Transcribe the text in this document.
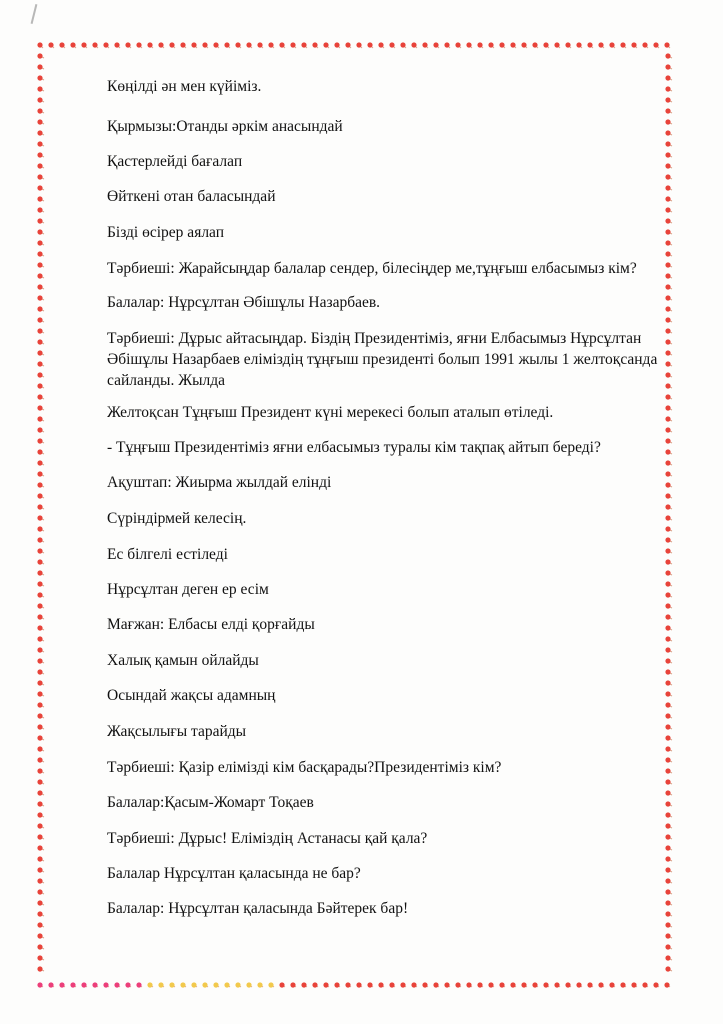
Көңілді ән мен күйіміз.

Қырмызы:Отанды әркім анасындай

Қастерлейді бағалап

Өйткені отан баласындай

Бізді өсірер аялап

Тәрбиеші: Жарайсыңдар балалар сендер, білесіңдер ме,тұңғыш елбасымыз кім?

Балалар: Нұрсұлтан Әбішұлы Назарбаев.

Тәрбиеші: Дұрыс айтасыңдар. Біздің Президентіміз, яғни Елбасымыз Нұрсұлтан Әбішұлы Назарбаев еліміздің тұңғыш президенті болып 1991 жылы 1 желтоқсанда сайланды. Жылда

Желтоқсан Тұңғыш Президент күні мерекесі болып аталып өтіледі.

- Тұңғыш Президентіміз яғни елбасымыз туралы кім тақпақ айтып береді?

Ақуштап: Жиырма жылдай елінді

Сүріндірмей келесің.

Ес білгелі естіледі

Нұрсұлтан деген ер есім

Мағжан: Елбасы елді қорғайды

Халық қамын ойлайды

Осындай жақсы адамның

Жақсылығы тарайды

Тәрбиеші: Қазір елімізді кім басқарады?Президентіміз кім?

Балалар:Қасым-Жомарт Тоқаев

Тәрбиеші: Дұрыс! Еліміздің Астанасы қай қала?

Балалар Нұрсұлтан қаласында не бар?

Балалар: Нұрсұлтан қаласында Бәйтерек бар!
